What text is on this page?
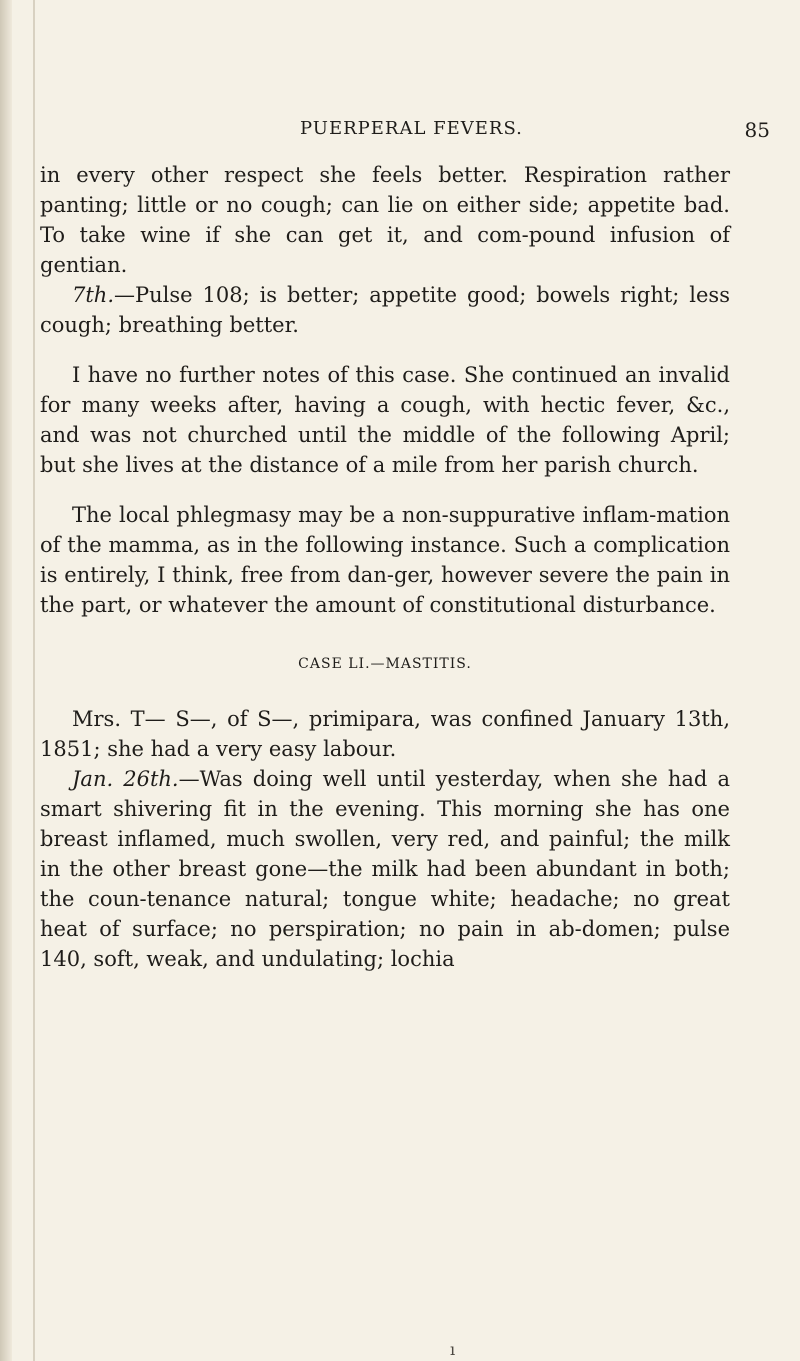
PUERPERAL FEVERS.	85

in every other respect she feels better. Respiration rather panting; little or no cough; can lie on either side; appetite bad. To take wine if she can get it, and com-pound infusion of gentian.

7th.—Pulse 108; is better; appetite good; bowels right; less cough; breathing better.

I have no further notes of this case. She continued an invalid for many weeks after, having a cough, with hectic fever, &c., and was not churched until the middle of the following April; but she lives at the distance of a mile from her parish church.

The local phlegmasy may be a non-suppurative inflam-mation of the mamma, as in the following instance. Such a complication is entirely, I think, free from dan-ger, however severe the pain in the part, or whatever the amount of constitutional disturbance.

CASE LI.—MASTITIS.

Mrs. T— S—, of S—, primipara, was confined January 13th, 1851; she had a very easy labour.

Jan. 26th.—Was doing well until yesterday, when she had a smart shivering fit in the evening. This morning she has one breast inflamed, much swollen, very red, and painful; the milk in the other breast gone—the milk had been abundant in both; the coun-tenance natural; tongue white; headache; no great heat of surface; no perspiration; no pain in ab-domen; pulse 140, soft, weak, and undulating; lochia

ı
